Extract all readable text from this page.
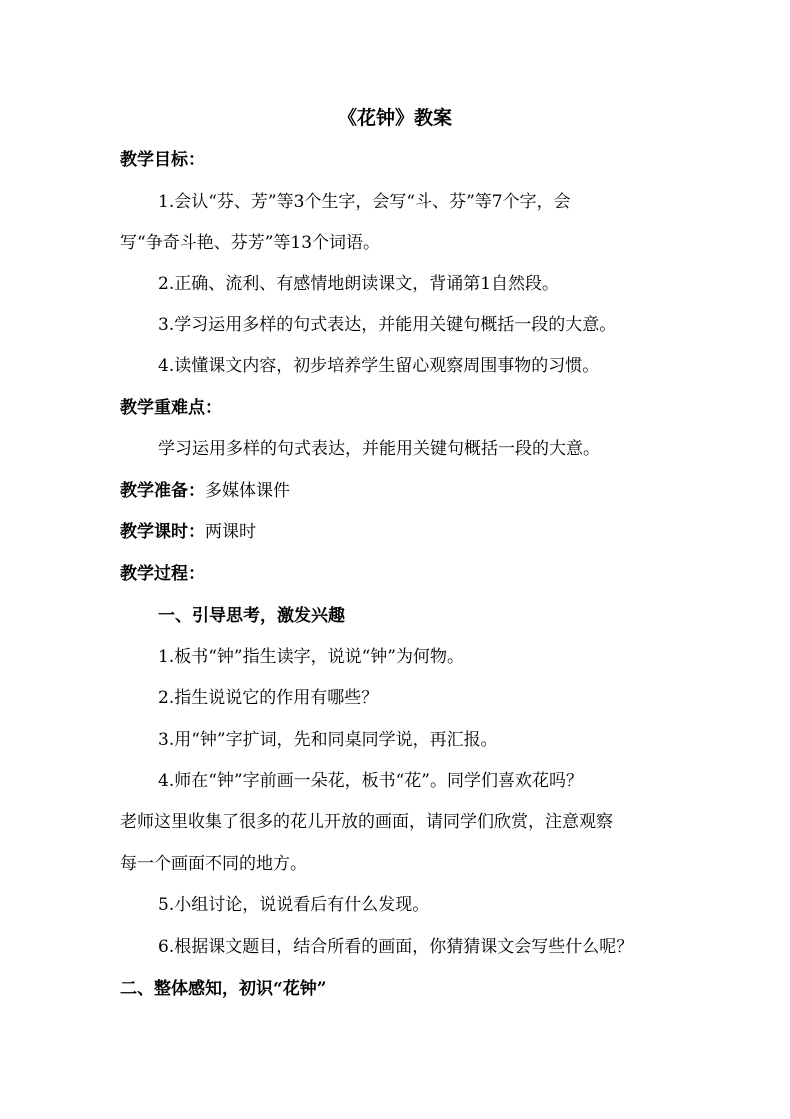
《花钟》教案
教学目标：
1.会认“芬、芳”等3个生字，会写“斗、芬”等7个字，会
写“争奇斗艳、芬芳”等13个词语。
2.正确、流利、有感情地朗读课文，背诵第1自然段。
3.学习运用多样的句式表达，并能用关键句概括一段的大意。
4.读懂课文内容，初步培养学生留心观察周围事物的习惯。
教学重难点：
学习运用多样的句式表达，并能用关键句概括一段的大意。
教学准备：多媒体课件
教学课时：两课时
教学过程：
一、引导思考，激发兴趣
1.板书“钟”指生读字，说说“钟”为何物。
2.指生说说它的作用有哪些？
3.用“钟”字扩词，先和同桌同学说，再汇报。
4.师在“钟”字前画一朵花，板书“花”。同学们喜欢花吗？
老师这里收集了很多的花儿开放的画面，请同学们欣赏，注意观察
每一个画面不同的地方。
5.小组讨论，说说看后有什么发现。
6.根据课文题目，结合所看的画面，你猜猜课文会写些什么呢？
二、整体感知，初识“花钟”
